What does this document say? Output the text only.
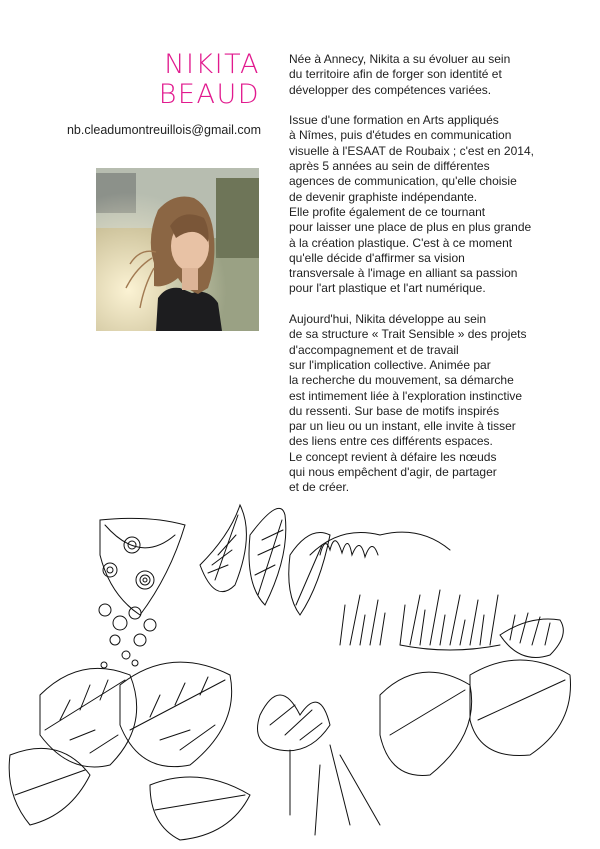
NIKITA
BEAUD
nb.cleadumontreuillois@gmail.com

Née à Annecy, Nikita a su évoluer au sein
du territoire afin de forger son identité et
développer des compétences variées.

Issue d'une formation en Arts appliqués
à Nîmes, puis d'études en communication
visuelle à l'ESAAT de Roubaix ; c'est en 2014,
après 5 années au sein de différentes
agences de communication, qu'elle choisie
de devenir graphiste indépendante.
Elle profite également de ce tournant
pour laisser une place de plus en plus grande
à la création plastique. C'est à ce moment
qu'elle décide d'affirmer sa vision
transversale à l'image en alliant sa passion
pour l'art plastique et l'art numérique.

Aujourd'hui, Nikita développe au sein
de sa structure « Trait Sensible » des projets
d'accompagnement et de travail
sur l'implication collective. Animée par
la recherche du mouvement, sa démarche
est intimement liée à l'exploration instinctive
du ressenti. Sur base de motifs inspirés
par un lieu ou un instant, elle invite à tisser
des liens entre ces différents espaces.
Le concept revient à défaire les nœuds
qui nous empêchent d'agir, de partager
et de créer.
